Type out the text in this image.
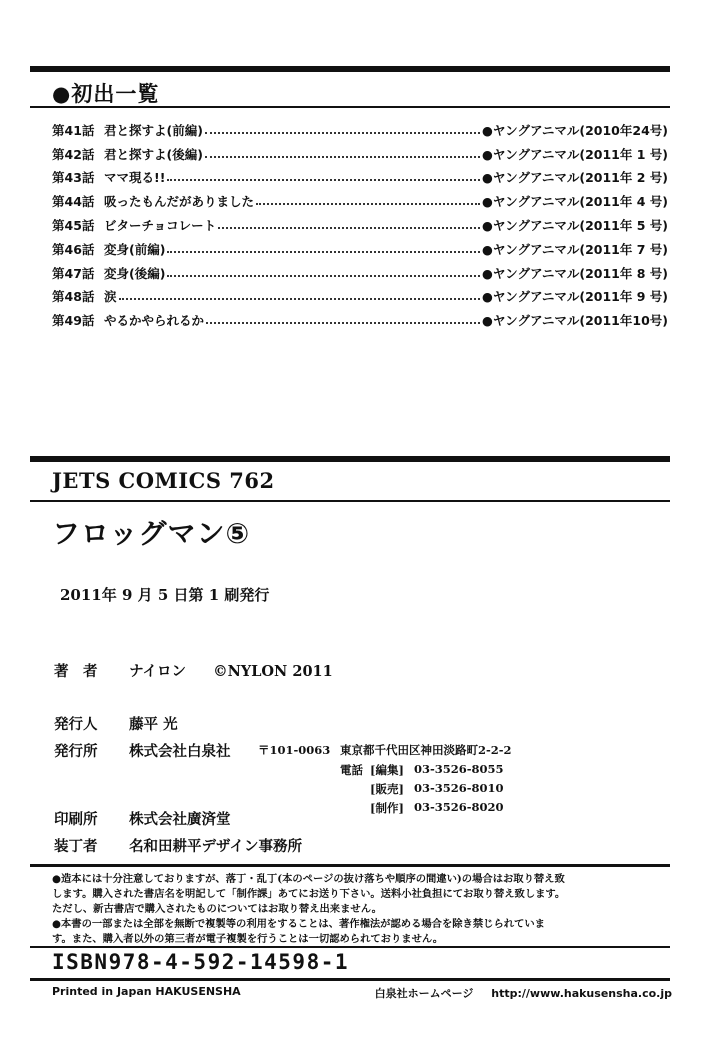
●初出一覧
第41話 君と探すよ(前編)	●ヤングアニマル(2010年24号)
第42話 君と探すよ(後編)	●ヤングアニマル(2011年 1 号)
第43話 ママ現る!!	●ヤングアニマル(2011年 2 号)
第44話 吸ったもんだがありました	●ヤングアニマル(2011年 4 号)
第45話 ビターチョコレート	●ヤングアニマル(2011年 5 号)
第46話 変身(前編)	●ヤングアニマル(2011年 7 号)
第47話 変身(後編)	●ヤングアニマル(2011年 8 号)
第48話 涙	●ヤングアニマル(2011年 9 号)
第49話 やるかやられるか	●ヤングアニマル(2011年10号)
JETS COMICS 762
フロッグマン⑤
2011年 9 月 5 日第 1 刷発行
著　者 ナイロン ©NYLON 2011
発行人 藤平 光
発行所 株式会社白泉社
印刷所 株式会社廣済堂
装丁者 名和田耕平デザイン事務所
〒101-0063 東京都千代田区神田淡路町2-2-2
電話 [編集] 03-3526-8055
[販売] 03-3526-8010
[制作] 03-3526-8020
●造本には十分注意しておりますが、落丁・乱丁(本のページの抜け落ちや順序の間違い)の場合はお取り替え致
します。購入された書店名を明記して「制作課」あてにお送り下さい。送料小社負担にてお取り替え致します。
ただし、新古書店で購入されたものについてはお取り替え出来ません。
●本書の一部または全部を無断で複製等の利用をすることは、著作権法が認める場合を除き禁じられていま
す。また、購入者以外の第三者が電子複製を行うことは一切認められておりません。
ISBN978-4-592-14598-1
Printed in Japan HAKUSENSHA	白泉社ホームページ http://www.hakusensha.co.jp
